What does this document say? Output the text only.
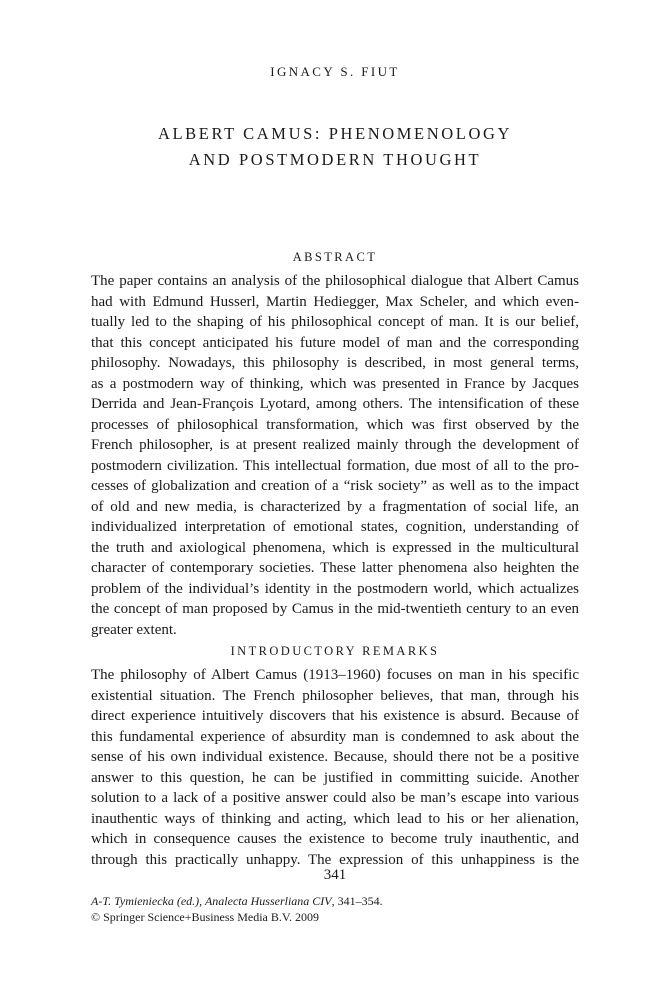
IGNACY S. FIUT
ALBERT CAMUS: PHENOMENOLOGY
AND POSTMODERN THOUGHT
ABSTRACT
The paper contains an analysis of the philosophical dialogue that Albert Camus
had with Edmund Husserl, Martin Hediegger, Max Scheler, and which even-
tually led to the shaping of his philosophical concept of man. It is our belief,
that this concept anticipated his future model of man and the corresponding
philosophy. Nowadays, this philosophy is described, in most general terms,
as a postmodern way of thinking, which was presented in France by Jacques
Derrida and Jean-François Lyotard, among others. The intensification of these
processes of philosophical transformation, which was first observed by the
French philosopher, is at present realized mainly through the development of
postmodern civilization. This intellectual formation, due most of all to the pro-
cesses of globalization and creation of a “risk society” as well as to the impact
of old and new media, is characterized by a fragmentation of social life, an
individualized interpretation of emotional states, cognition, understanding of
the truth and axiological phenomena, which is expressed in the multicultural
character of contemporary societies. These latter phenomena also heighten the
problem of the individual’s identity in the postmodern world, which actualizes
the concept of man proposed by Camus in the mid-twentieth century to an even
greater extent.
INTRODUCTORY REMARKS
The philosophy of Albert Camus (1913–1960) focuses on man in his specific
existential situation. The French philosopher believes, that man, through his
direct experience intuitively discovers that his existence is absurd. Because of
this fundamental experience of absurdity man is condemned to ask about the
sense of his own individual existence. Because, should there not be a positive
answer to this question, he can be justified in committing suicide. Another
solution to a lack of a positive answer could also be man’s escape into various
inauthentic ways of thinking and acting, which lead to his or her alienation,
which in consequence causes the existence to become truly inauthentic, and
through this practically unhappy. The expression of this unhappiness is the
341
A-T. Tymieniecka (ed.), Analecta Husserliana CIV, 341–354.
© Springer Science+Business Media B.V. 2009
